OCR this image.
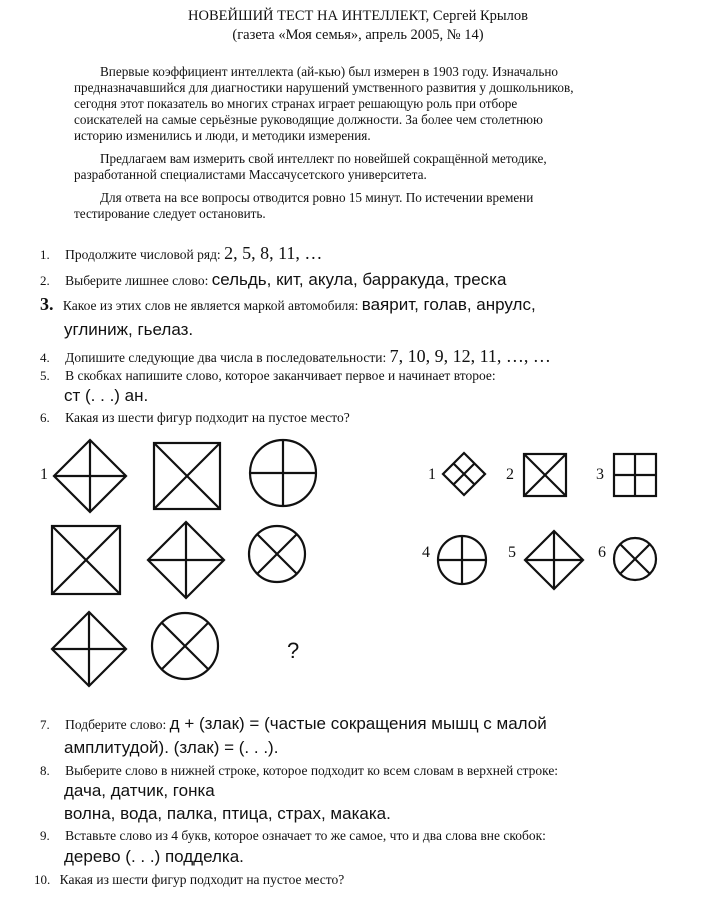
НОВЕЙШИЙ ТЕСТ НА ИНТЕЛЛЕКТ, Сергей Крылов
(газета «Моя семья», апрель 2005, № 14)
Впервые коэффициент интеллекта (ай-кью) был измерен в 1903 году. Изначально
предназначавшийся для диагностики нарушений умственного развития у дошкольников,
сегодня этот показатель во многих странах играет решающую роль при отборе
соискателей на самые серьёзные руководящие должности. За более чем столетнюю
историю изменились и люди, и методики измерения.
Предлагаем вам измерить свой интеллект по новейшей сокращённой методике,
разработанной специалистами Массачусетского университета.
Для ответа на все вопросы отводится ровно 15 минут. По истечении времени
тестирование следует остановить.
1. Продолжите числовой ряд: 2, 5, 8, 11, …
2. Выберите лишнее слово: сельдь, кит, акула, барракуда, треска
3. Какое из этих слов не является маркой автомобиля: ваярит, голав, анрулс,
углиниж, гьелаз.
4. Допишите следующие два числа в последовательности: 7, 10, 9, 12, 11, …, …
5. В скобках напишите слово, которое заканчивает первое и начинает второе:
ст (. . .) ан.
6. Какая из шести фигур подходит на пустое место?
1
?
1	2	3
4	5	6
7. Подберите слово: д + (злак) = (частые сокращения мышц с малой
амплитудой). (злак) = (. . .).
8. Выберите слово в нижней строке, которое подходит ко всем словам в верхней строке:
дача, датчик, гонка
волна, вода, палка, птица, страх, макака.
9. Вставьте слово из 4 букв, которое означает то же самое, что и два слова вне скобок:
дерево (. . .) подделка.
10. Какая из шести фигур подходит на пустое место?
